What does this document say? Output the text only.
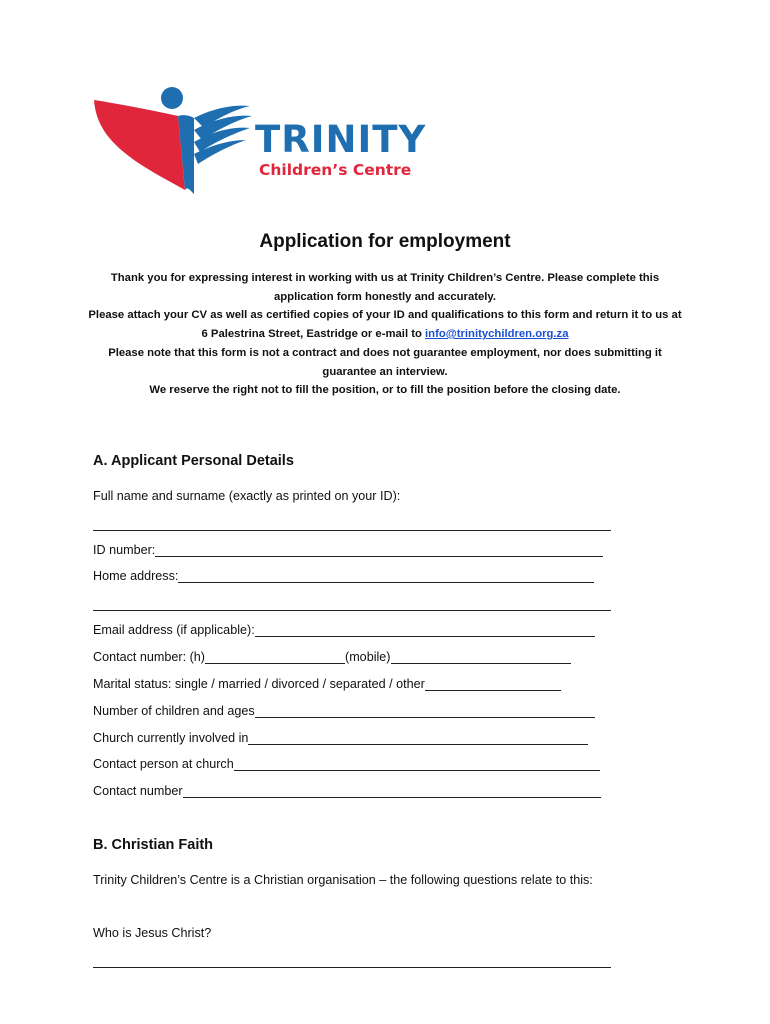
TRINITY
Children’s Centre
Application for employment

Thank you for expressing interest in working with us at Trinity Children’s Centre. Please complete this application form honestly and accurately.

Please attach your CV as well as certified copies of your ID and qualifications to this form and return it to us at 6 Palestrina Street, Eastridge or e-mail to info@trinitychildren.org.za

Please note that this form is not a contract and does not guarantee employment, nor does submitting it guarantee an interview.

We reserve the right not to fill the position, or to fill the position before the closing date.

A. Applicant Personal Details
Full name and surname (exactly as printed on your ID):
ID number:
Home address:
Email address (if applicable):
Contact number: (h)	(mobile)
Marital status: single / married / divorced / separated / other
Number of children and ages
Church currently involved in
Contact person at church
Contact number
B. Christian Faith
Trinity Children’s Centre is a Christian organisation – the following questions relate to this:
Who is Jesus Christ?
